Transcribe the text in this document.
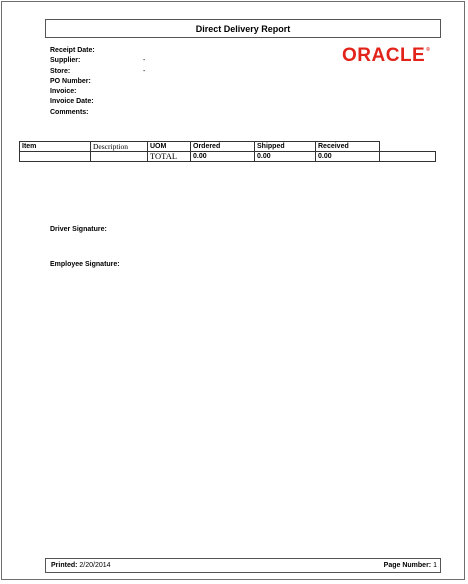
Direct Delivery Report
Receipt Date:
Supplier:	-
Store:	-
PO Number:
Invoice:
Invoice Date:
Comments:
ORACLE®
Item	Description	UOM	Ordered	Shipped	Received	
		TOTAL	0.00	0.00	0.00	
Driver Signature:
Employee Signature:
Printed: 2/20/2014	Page Number: 1
